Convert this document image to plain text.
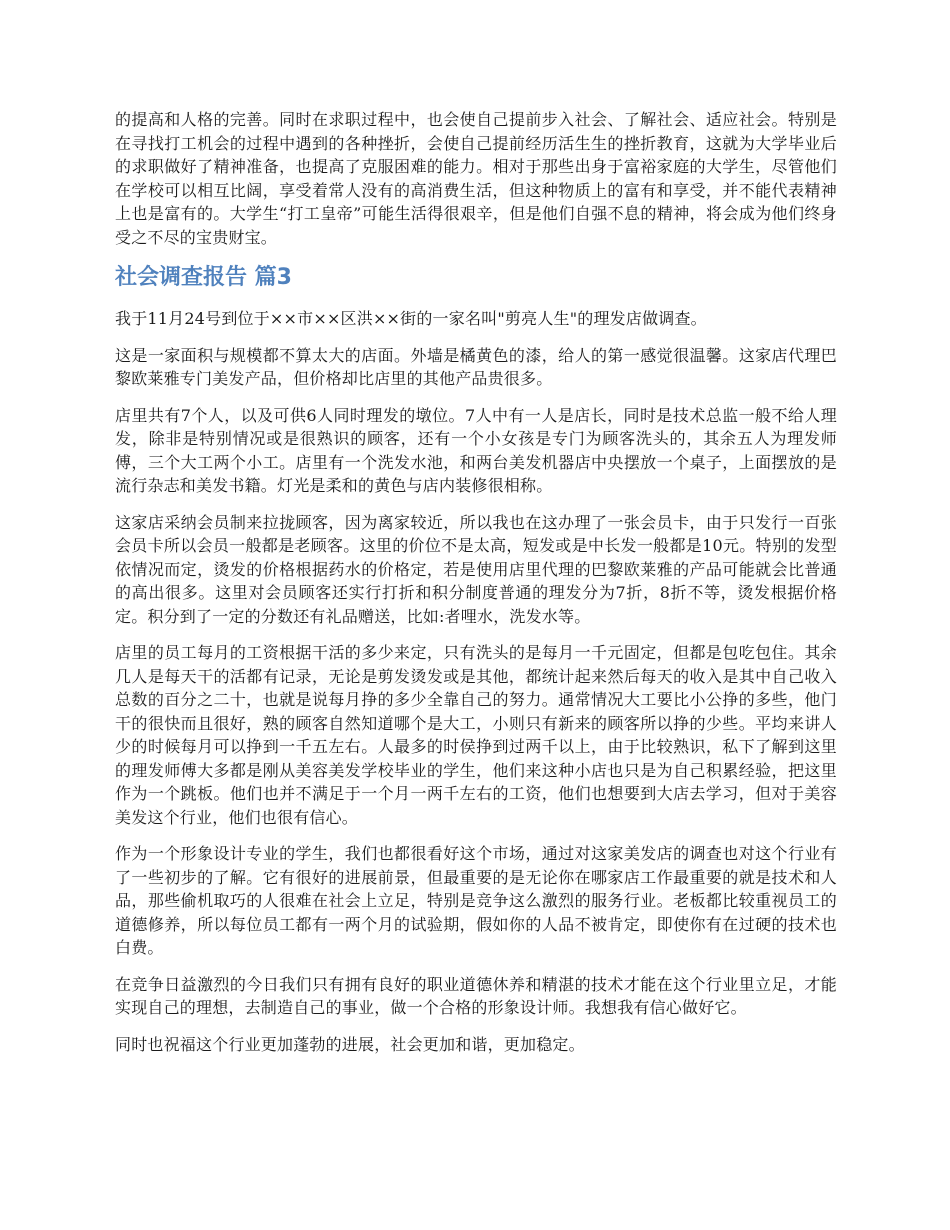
的提高和人格的完善。同时在求职过程中，也会使自己提前步入社会、了解社会、适应社会。特别是在寻找打工机会的过程中遇到的各种挫折，会使自己提前经历活生生的挫折教育，这就为大学毕业后的求职做好了精神准备，也提高了克服困难的能力。相对于那些出身于富裕家庭的大学生，尽管他们在学校可以相互比阔，享受着常人没有的高消费生活，但这种物质上的富有和享受，并不能代表精神上也是富有的。大学生“打工皇帝”可能生活得很艰辛，但是他们自强不息的精神，将会成为他们终身受之不尽的宝贵财宝。

社会调查报告 篇3

我于11月24号到位于××市××区洪××街的一家名叫"剪亮人生"的理发店做调查。

这是一家面积与规模都不算太大的店面。外墙是橘黄色的漆，给人的第一感觉很温馨。这家店代理巴黎欧莱雅专门美发产品，但价格却比店里的其他产品贵很多。

店里共有7个人，以及可供6人同时理发的墩位。7人中有一人是店长，同时是技术总监一般不给人理发，除非是特别情况或是很熟识的顾客，还有一个小女孩是专门为顾客洗头的，其余五人为理发师傅，三个大工两个小工。店里有一个洗发水池，和两台美发机器店中央摆放一个桌子，上面摆放的是流行杂志和美发书籍。灯光是柔和的黄色与店内装修很相称。

这家店采纳会员制来拉拢顾客，因为离家较近，所以我也在这办理了一张会员卡，由于只发行一百张会员卡所以会员一般都是老顾客。这里的价位不是太高，短发或是中长发一般都是10元。特别的发型依情况而定，烫发的价格根据药水的价格定，若是使用店里代理的巴黎欧莱雅的产品可能就会比普通的高出很多。这里对会员顾客还实行打折和积分制度普通的理发分为7折，8折不等，烫发根据价格定。积分到了一定的分数还有礼品赠送，比如:者哩水，洗发水等。

店里的员工每月的工资根据干活的多少来定，只有洗头的是每月一千元固定，但都是包吃包住。其余几人是每天干的活都有记录，无论是剪发烫发或是其他，都统计起来然后每天的收入是其中自己收入总数的百分之二十，也就是说每月挣的多少全靠自己的努力。通常情况大工要比小公挣的多些，他门干的很快而且很好，熟的顾客自然知道哪个是大工，小则只有新来的顾客所以挣的少些。平均来讲人少的时候每月可以挣到一千五左右。人最多的时侯挣到过两千以上，由于比较熟识，私下了解到这里的理发师傅大多都是刚从美容美发学校毕业的学生，他们来这种小店也只是为自己积累经验，把这里作为一个跳板。他们也并不满足于一个月一两千左右的工资，他们也想要到大店去学习，但对于美容美发这个行业，他们也很有信心。

作为一个形象设计专业的学生，我们也都很看好这个市场，通过对这家美发店的调查也对这个行业有了一些初步的了解。它有很好的进展前景，但最重要的是无论你在哪家店工作最重要的就是技术和人品，那些偷机取巧的人很难在社会上立足，特别是竞争这么激烈的服务行业。老板都比较重视员工的道德修养，所以每位员工都有一两个月的试验期，假如你的人品不被肯定，即使你有在过硬的技术也白费。

在竞争日益激烈的今日我们只有拥有良好的职业道德休养和精湛的技术才能在这个行业里立足，才能实现自己的理想，去制造自己的事业，做一个合格的形象设计师。我想我有信心做好它。

同时也祝福这个行业更加蓬勃的进展，社会更加和谐，更加稳定。
